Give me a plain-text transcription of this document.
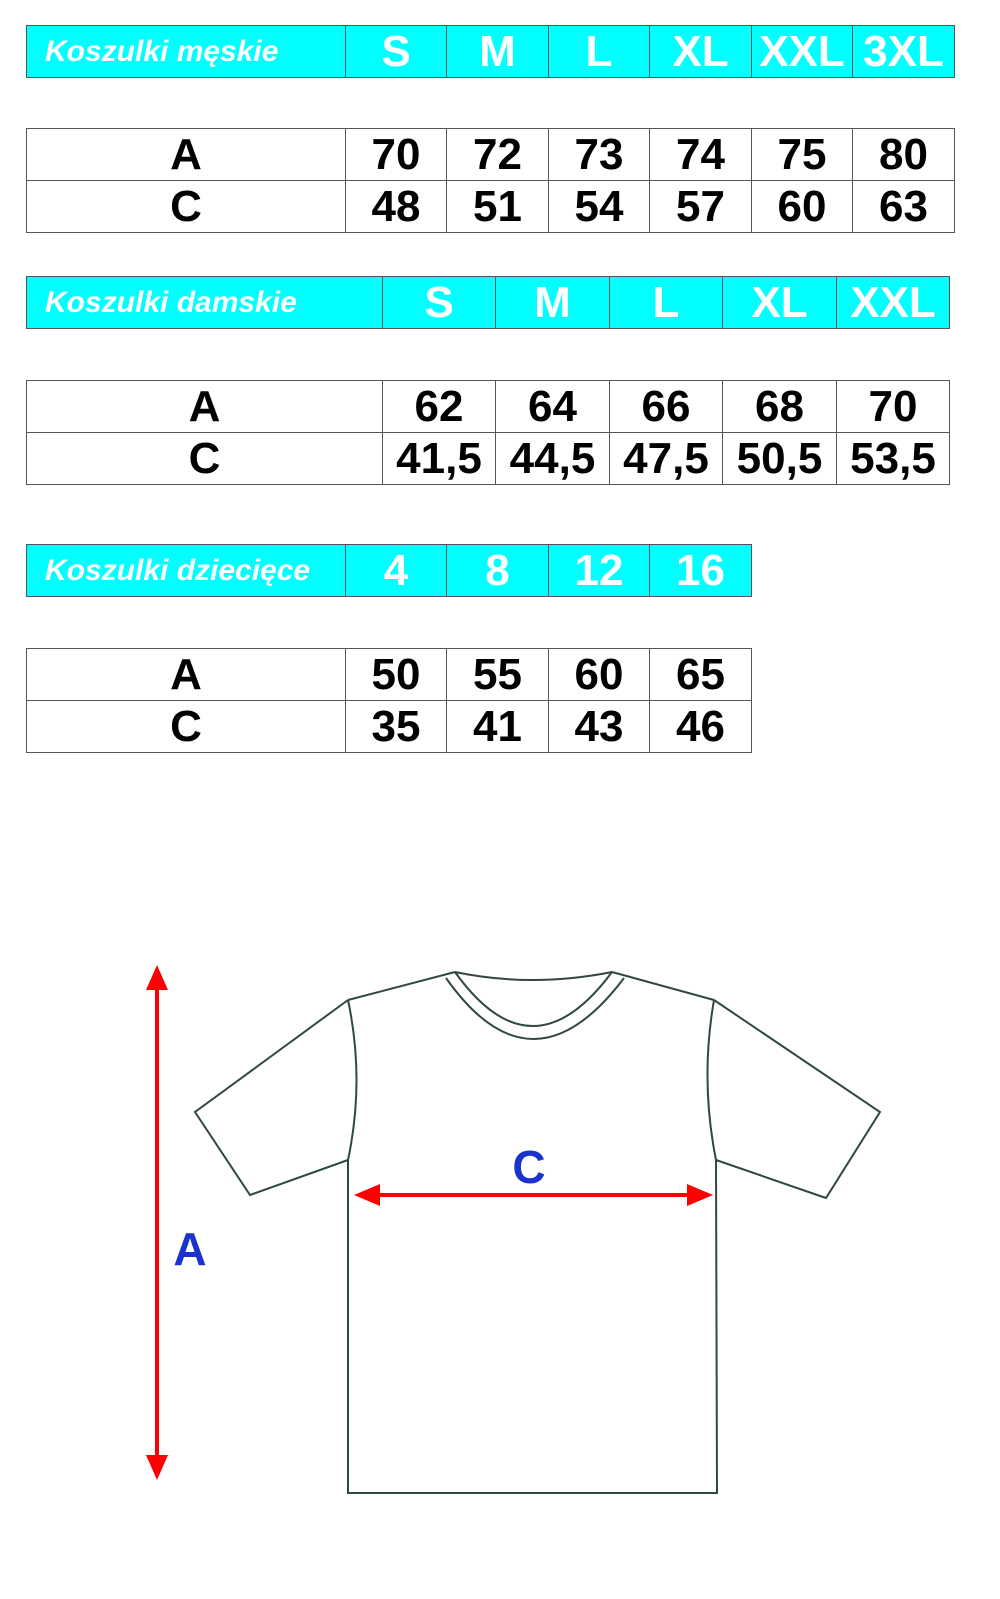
Koszulki męskie	S	M	L	XL	XXL	3XL
A	70	72	73	74	75	80
C	48	51	54	57	60	63
Koszulki damskie	S	M	L	XL	XXL
A	62	64	66	68	70
C	41,5	44,5	47,5	50,5	53,5
Koszulki dziecięce	4	8	12	16
A	50	55	60	65
C	35	41	43	46
A
C
